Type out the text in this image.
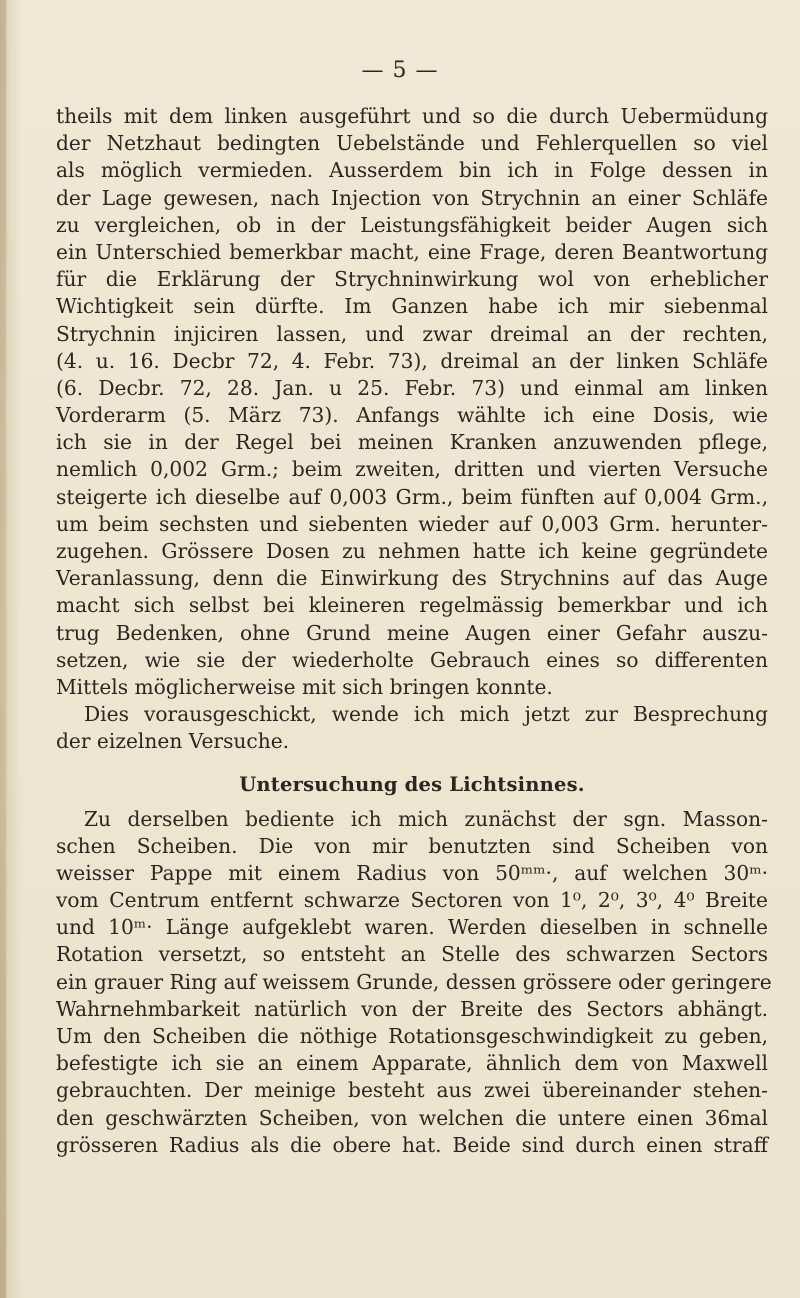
— 5 —
theils mit dem linken ausgeführt und so die durch Uebermüdung
der Netzhaut bedingten Uebelstände und Fehlerquellen so viel
als möglich vermieden. Ausserdem bin ich in Folge dessen in
der Lage gewesen, nach Injection von Strychnin an einer Schläfe
zu vergleichen, ob in der Leistungsfähigkeit beider Augen sich
ein Unterschied bemerkbar macht, eine Frage, deren Beantwortung
für die Erklärung der Strychninwirkung wol von erheblicher
Wichtigkeit sein dürfte. Im Ganzen habe ich mir siebenmal
Strychnin injiciren lassen, und zwar dreimal an der rechten,
(4. u. 16. Decbr 72, 4. Febr. 73), dreimal an der linken Schläfe
(6. Decbr. 72, 28. Jan. u 25. Febr. 73) und einmal am linken
Vorderarm (5. März 73). Anfangs wählte ich eine Dosis, wie
ich sie in der Regel bei meinen Kranken anzuwenden pflege,
nemlich 0,002 Grm.; beim zweiten, dritten und vierten Versuche
steigerte ich dieselbe auf 0,003 Grm., beim fünften auf 0,004 Grm.,
um beim sechsten und siebenten wieder auf 0,003 Grm. herunter-
zugehen. Grössere Dosen zu nehmen hatte ich keine gegründete
Veranlassung, denn die Einwirkung des Strychnins auf das Auge
macht sich selbst bei kleineren regelmässig bemerkbar und ich
trug Bedenken, ohne Grund meine Augen einer Gefahr auszu-
setzen, wie sie der wiederholte Gebrauch eines so differenten
Mittels möglicherweise mit sich bringen konnte.
Dies vorausgeschickt, wende ich mich jetzt zur Besprechung
der eizelnen Versuche.
Untersuchung des Lichtsinnes.
Zu derselben bediente ich mich zunächst der sgn. Masson-
schen Scheiben. Die von mir benutzten sind Scheiben von
weisser Pappe mit einem Radius von 50ᵐᵐ·, auf welchen 30ᵐ·
vom Centrum entfernt schwarze Sectoren von 1⁰, 2⁰, 3⁰, 4⁰ Breite
und 10ᵐ· Länge aufgeklebt waren. Werden dieselben in schnelle
Rotation versetzt, so entsteht an Stelle des schwarzen Sectors
ein grauer Ring auf weissem Grunde, dessen grössere oder geringere
Wahrnehmbarkeit natürlich von der Breite des Sectors abhängt.
Um den Scheiben die nöthige Rotationsgeschwindigkeit zu geben,
befestigte ich sie an einem Apparate, ähnlich dem von Maxwell
gebrauchten. Der meinige besteht aus zwei übereinander stehen-
den geschwärzten Scheiben, von welchen die untere einen 36mal
grösseren Radius als die obere hat. Beide sind durch einen straff
